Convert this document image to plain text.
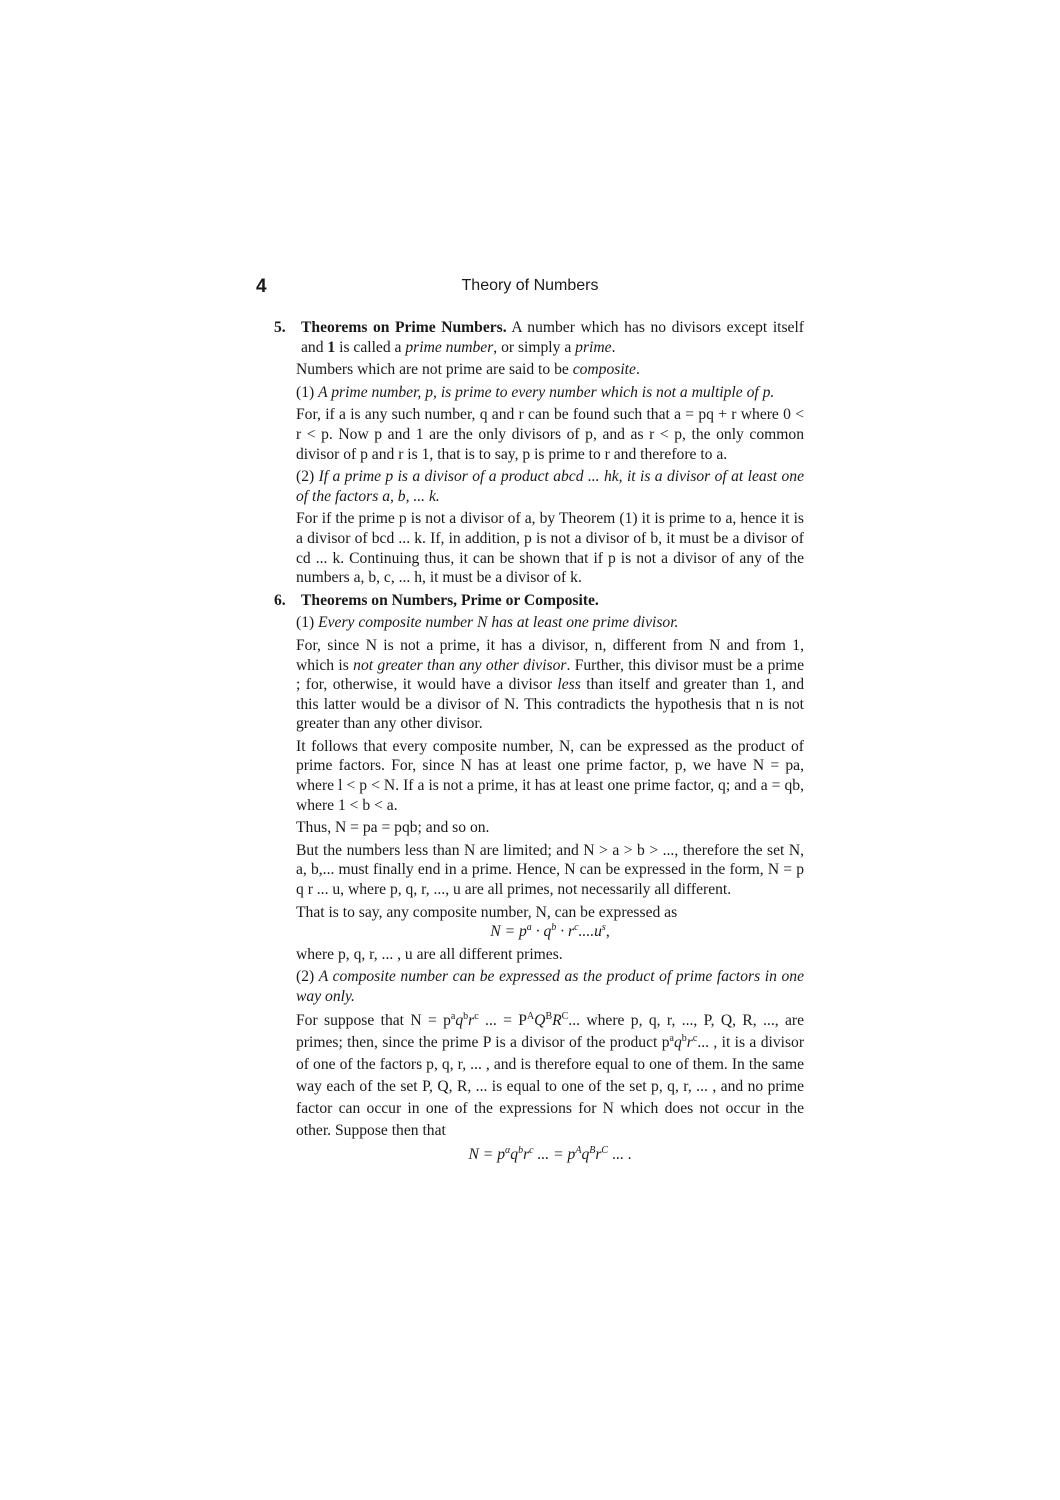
4	Theory of Numbers
5. Theorems on Prime Numbers. A number which has no divisors except itself and 1 is called a prime number, or simply a prime.

Numbers which are not prime are said to be composite.

(1) A prime number, p, is prime to every number which is not a multiple of p.

For, if a is any such number, q and r can be found such that a = pq + r where 0 < r < p. Now p and 1 are the only divisors of p, and as r < p, the only common divisor of p and r is 1, that is to say, p is prime to r and therefore to a.

(2) If a prime p is a divisor of a product abcd ... hk, it is a divisor of at least one of the factors a, b, ... k.

For if the prime p is not a divisor of a, by Theorem (1) it is prime to a, hence it is a divisor of bcd ... k. If, in addition, p is not a divisor of b, it must be a divisor of cd ... k. Continuing thus, it can be shown that if p is not a divisor of any of the numbers a, b, c, ... h, it must be a divisor of k.

6. Theorems on Numbers, Prime or Composite.

(1) Every composite number N has at least one prime divisor.

For, since N is not a prime, it has a divisor, n, different from N and from 1, which is not greater than any other divisor. Further, this divisor must be a prime ; for, otherwise, it would have a divisor less than itself and greater than 1, and this latter would be a divisor of N. This contradicts the hypothesis that n is not greater than any other divisor.

It follows that every composite number, N, can be expressed as the product of prime factors. For, since N has at least one prime factor, p, we have N = pa, where l < p < N. If a is not a prime, it has at least one prime factor, q; and a = qb, where 1 < b < a.

Thus, N = pa = pqb; and so on.

But the numbers less than N are limited; and N > a > b > ..., therefore the set N, a, b,... must finally end in a prime. Hence, N can be expressed in the form, N = p q r ... u, where p, q, r, ..., u are all primes, not necessarily all different.

That is to say, any composite number, N, can be expressed as

$N = p^a \cdot q^b \cdot r^c....u^s$,

where p, q, r, ... , u are all different primes.

(2) A composite number can be expressed as the product of prime factors in one way only.

For suppose that $N = p^aq^br^c$ ... = $P^AQ^BR^C$... where p, q, r, ..., P, Q, R, ..., are primes; then, since the prime P is a divisor of the product $p^aq^br^c$... , it is a divisor of one of the factors p, q, r, ... , and is therefore equal to one of them. In the same way each of the set P, Q, R, ... is equal to one of the set p, q, r, ... , and no prime factor can occur in one of the expressions for N which does not occur in the other. Suppose then that

$N = p^\alpha q^br^c$ ... = $p^Aq^Br^C$ ... .
